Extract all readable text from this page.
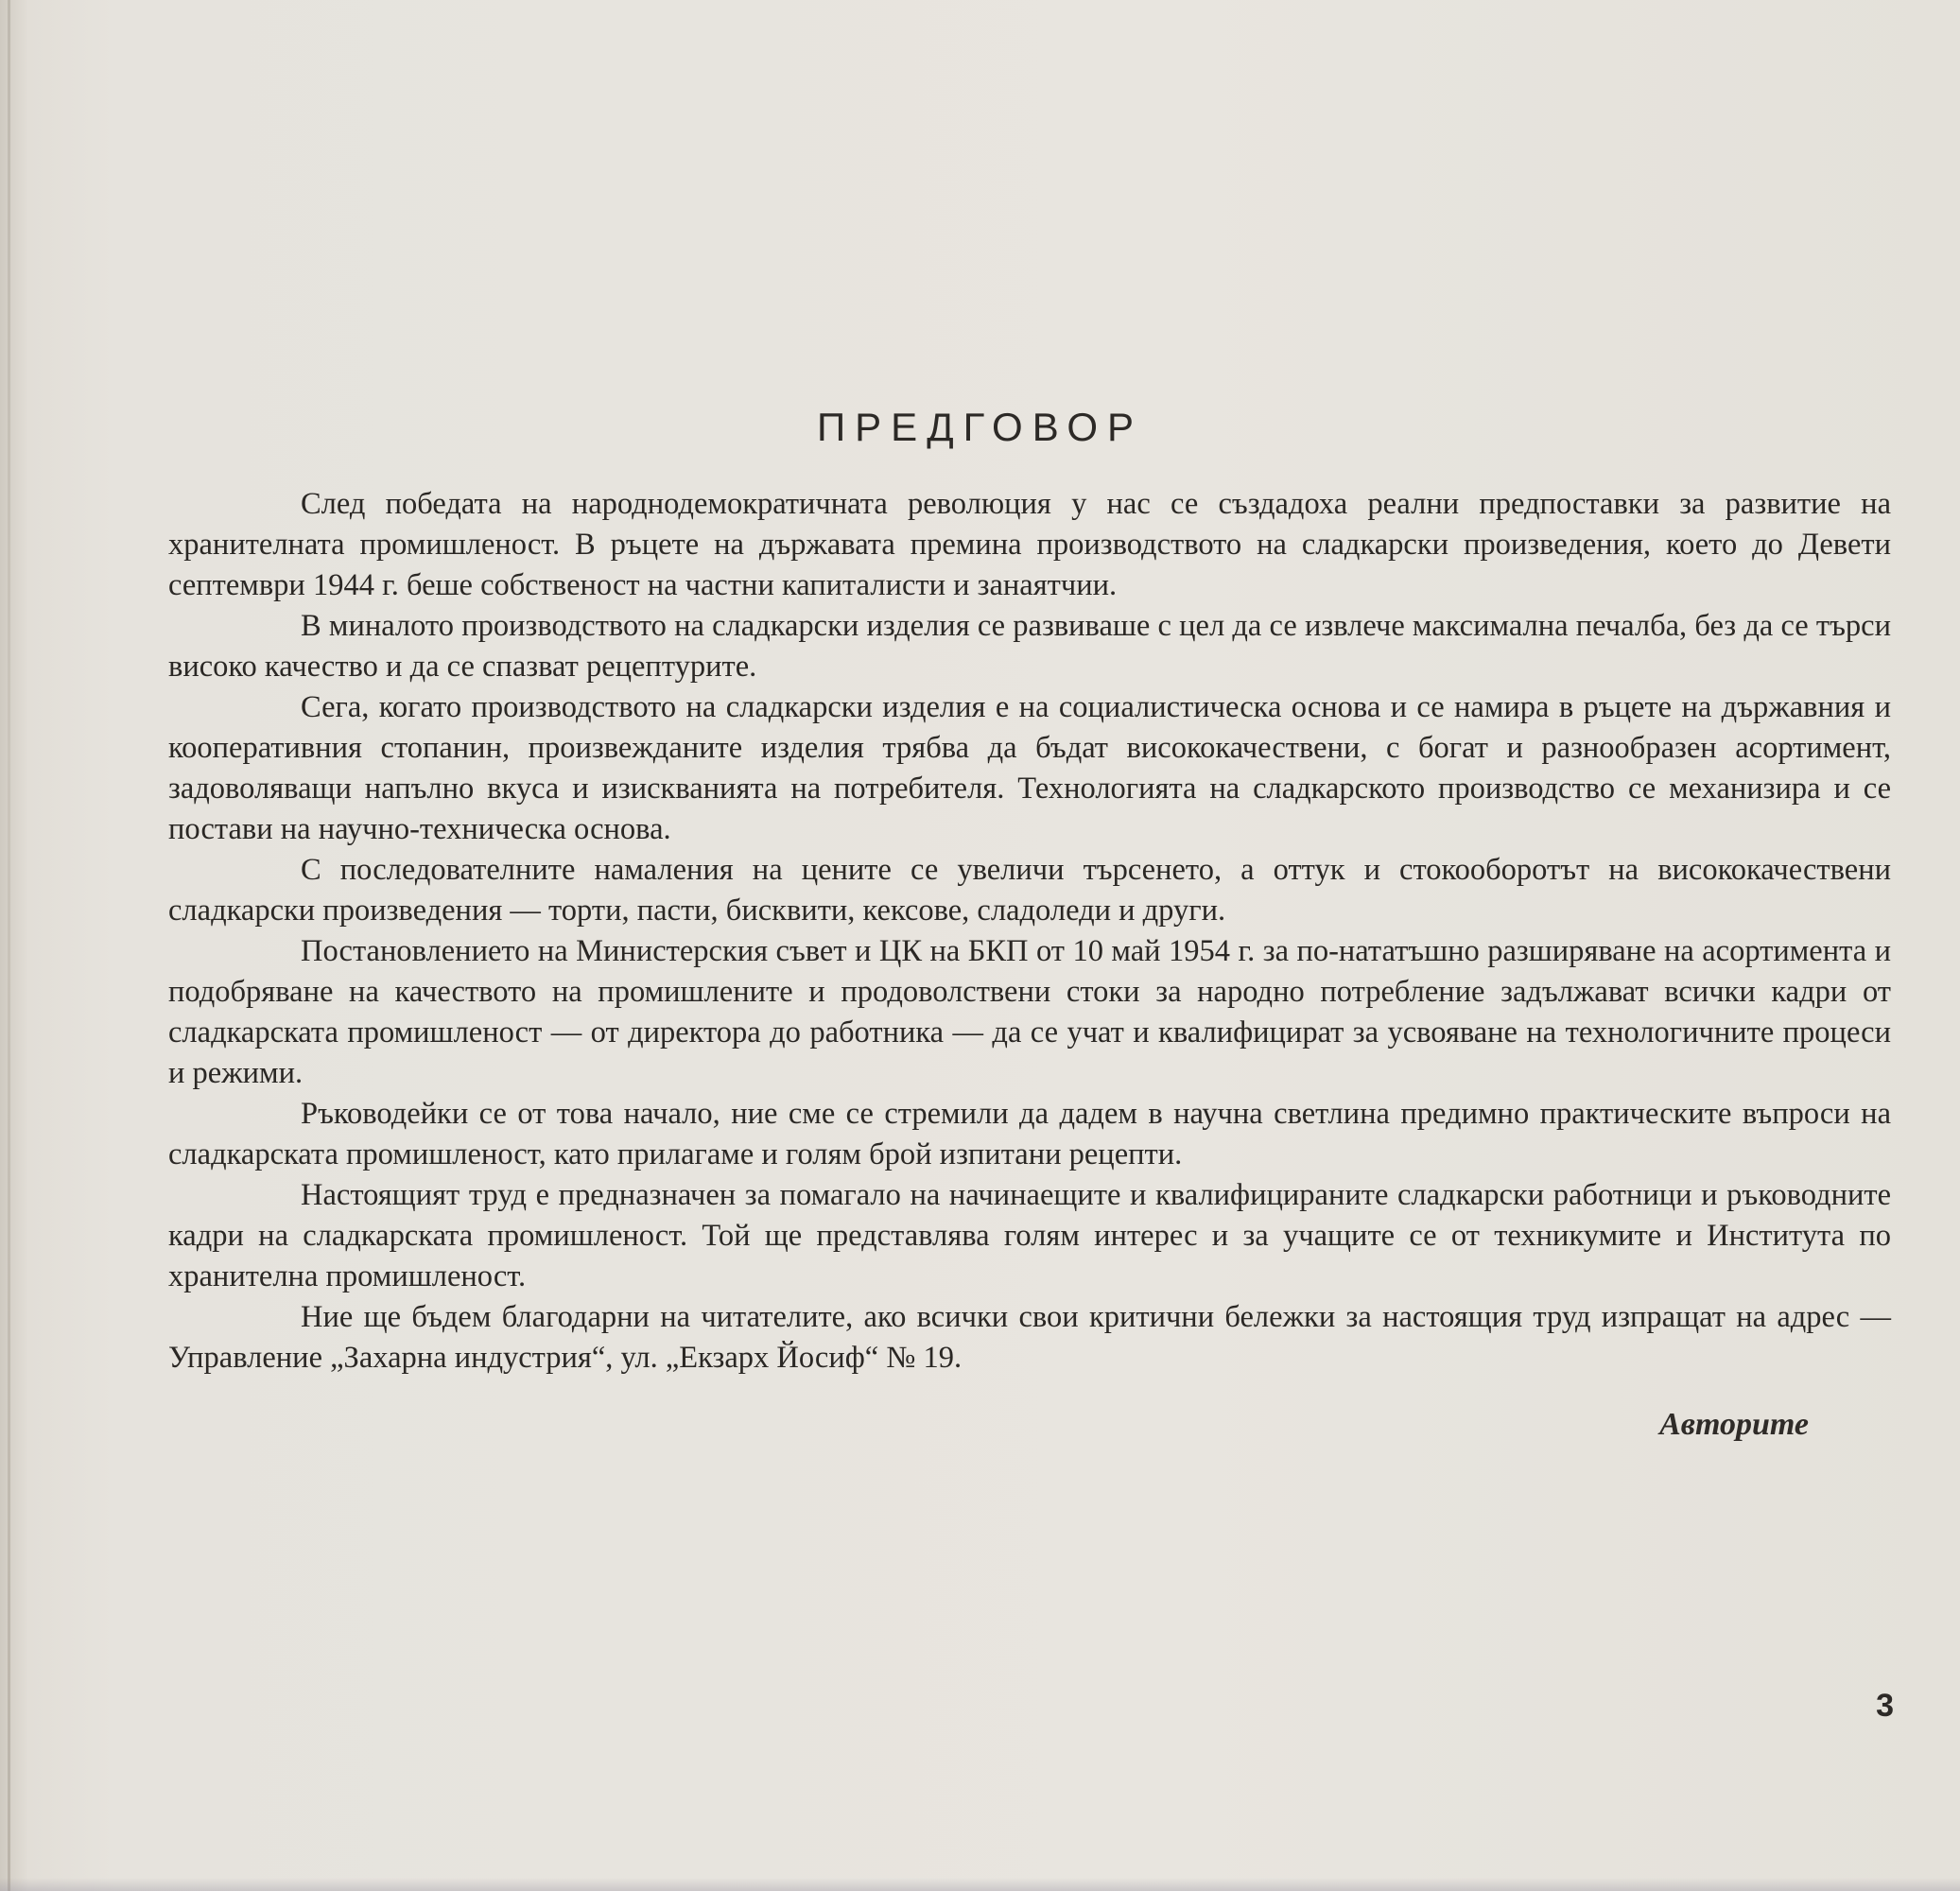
ПРЕДГОВОР

След победата на народнодемократичната революция у нас се създадоха реални предпоставки за развитие на хранителната промишленост. В ръцете на държавата премина производството на сладкарски произведения, което до Девети септември 1944 г. беше собственост на частни капиталисти и занаятчии.

В миналото производството на сладкарски изделия се развиваше с цел да се извлече максимална печалба, без да се търси високо качество и да се спазват рецептурите.

Сега, когато производството на сладкарски изделия е на социалистическа основа и се намира в ръцете на държавния и кооперативния стопанин, произвежданите изделия трябва да бъдат висококачествени, с богат и разнообразен асортимент, задоволяващи напълно вкуса и изискванията на потребителя. Технологията на сладкарското производство се механизира и се постави на научно-техническа основа.

С последователните намаления на цените се увеличи търсенето, а оттук и стокооборотът на висококачествени сладкарски произведения — торти, пасти, бисквити, кексове, сладоледи и други.

Постановлението на Министерския съвет и ЦК на БКП от 10 май 1954 г. за по-нататъшно разширяване на асортимента и подобряване на качеството на промишлените и продоволствени стоки за народно потребление задължават всички кадри от сладкарската промишленост — от директора до работника — да се учат и квалифицират за усвояване на технологичните процеси и режими.

Ръководейки се от това начало, ние сме се стремили да дадем в научна светлина предимно практическите въпроси на сладкарската промишленост, като прилагаме и голям брой изпитани рецепти.

Настоящият труд е предназначен за помагало на начинаещите и квалифицираните сладкарски работници и ръководните кадри на сладкарската промишленост. Той ще представлява голям интерес и за учащите се от техникумите и Института по хранителна промишленост.

Ние ще бъдем благодарни на читателите, ако всички свои критични бележки за настоящия труд изпращат на адрес — Управление „Захарна индустрия“, ул. „Екзарх Йосиф“ № 19.

Авторите

3
